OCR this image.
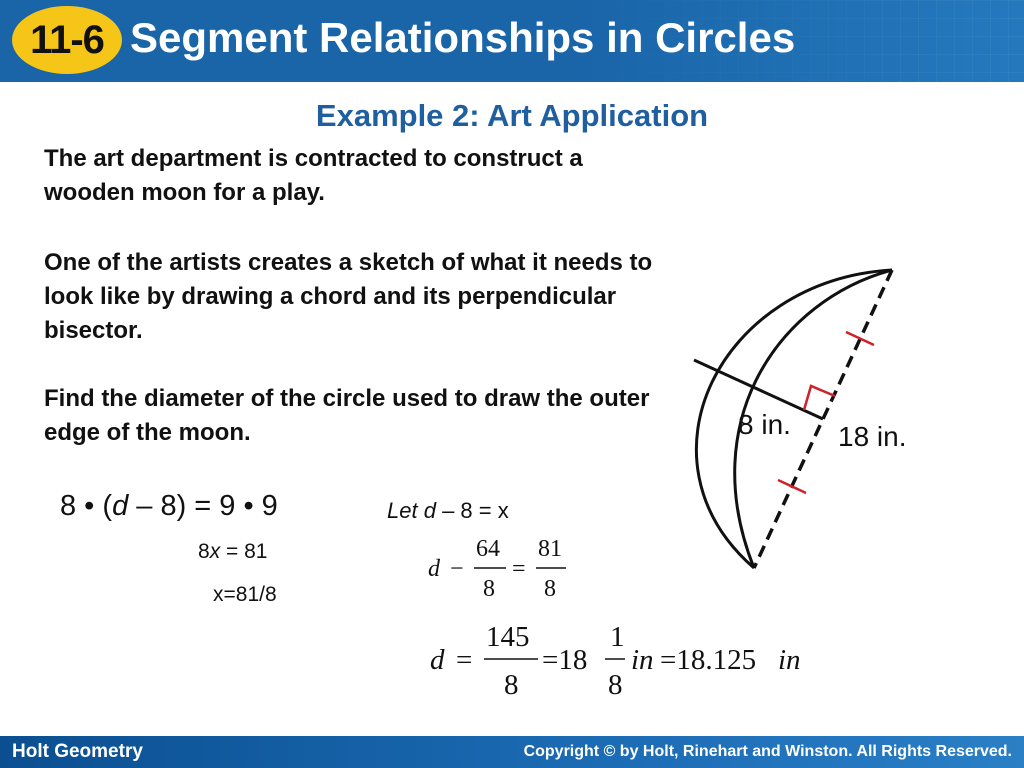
11-6 Segment Relationships in Circles
Example 2: Art Application
The art department is contracted to construct a wooden moon for a play.
One of the artists creates a sketch of what it needs to look like by drawing a chord and its perpendicular bisector.
Find the diameter of the circle used to draw the outer edge of the moon.
8 • (d – 8) = 9 • 9
8x = 81
x=81/8
Let d – 8 = x
d −
64
8
=
81
8
d =
145
8
=18
1
8
in =18.125 in
8 in. 18 in.
Holt Geometry	Copyright © by Holt, Rinehart and Winston. All Rights Reserved.
